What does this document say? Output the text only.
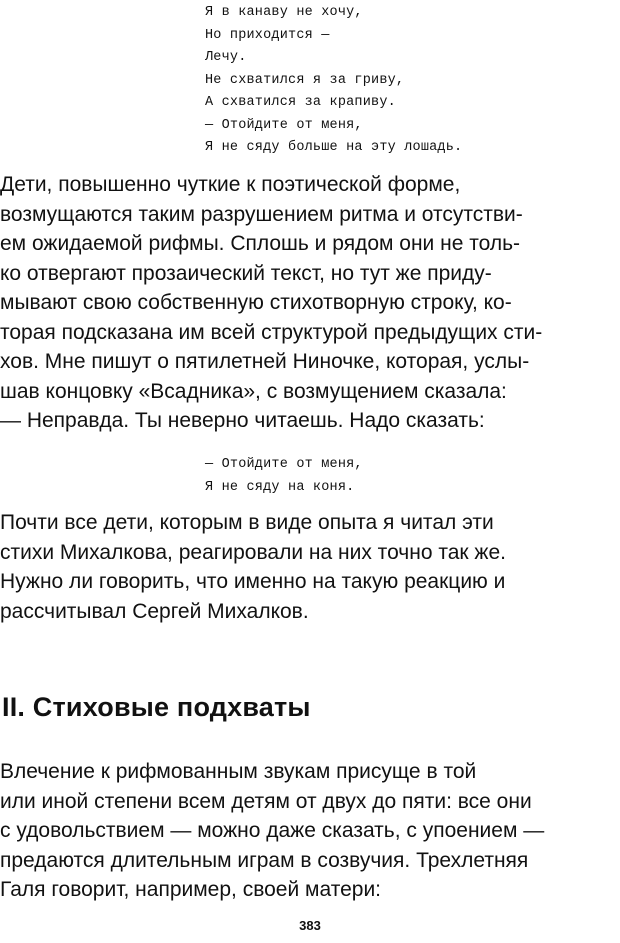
Я в канаву не хочу,
Но приходится —
Лечу.
Не схватился я за гриву,
А схватился за крапиву.
— Отойдите от меня,
Я не сяду больше на эту лошадь.

Дети, повышенно чуткие к поэтической форме,
возмущаются таким разрушением ритма и отсутстви-
ем ожидаемой рифмы. Сплошь и рядом они не толь-
ко отвергают прозаический текст, но тут же приду-
мывают свою собственную стихотворную строку, ко-
торая подсказана им всей структурой предыдущих сти-
хов. Мне пишут о пятилетней Ниночке, которая, услы-
шав концовку «Всадника», с возмущением сказала:
— Неправда. Ты неверно читаешь. Надо сказать:

— Отойдите от меня,
Я не сяду на коня.

Почти все дети, которым в виде опыта я читал эти
стихи Михалкова, реагировали на них точно так же.
Нужно ли говорить, что именно на такую реакцию и
рассчитывал Сергей Михалков.

II. Стиховые подхваты

Влечение к рифмованным звукам присуще в той
или иной степени всем детям от двух до пяти: все они
с удовольствием — можно даже сказать, с упоением —
предаются длительным играм в созвучия. Трехлетняя
Галя говорит, например, своей матери:

383
